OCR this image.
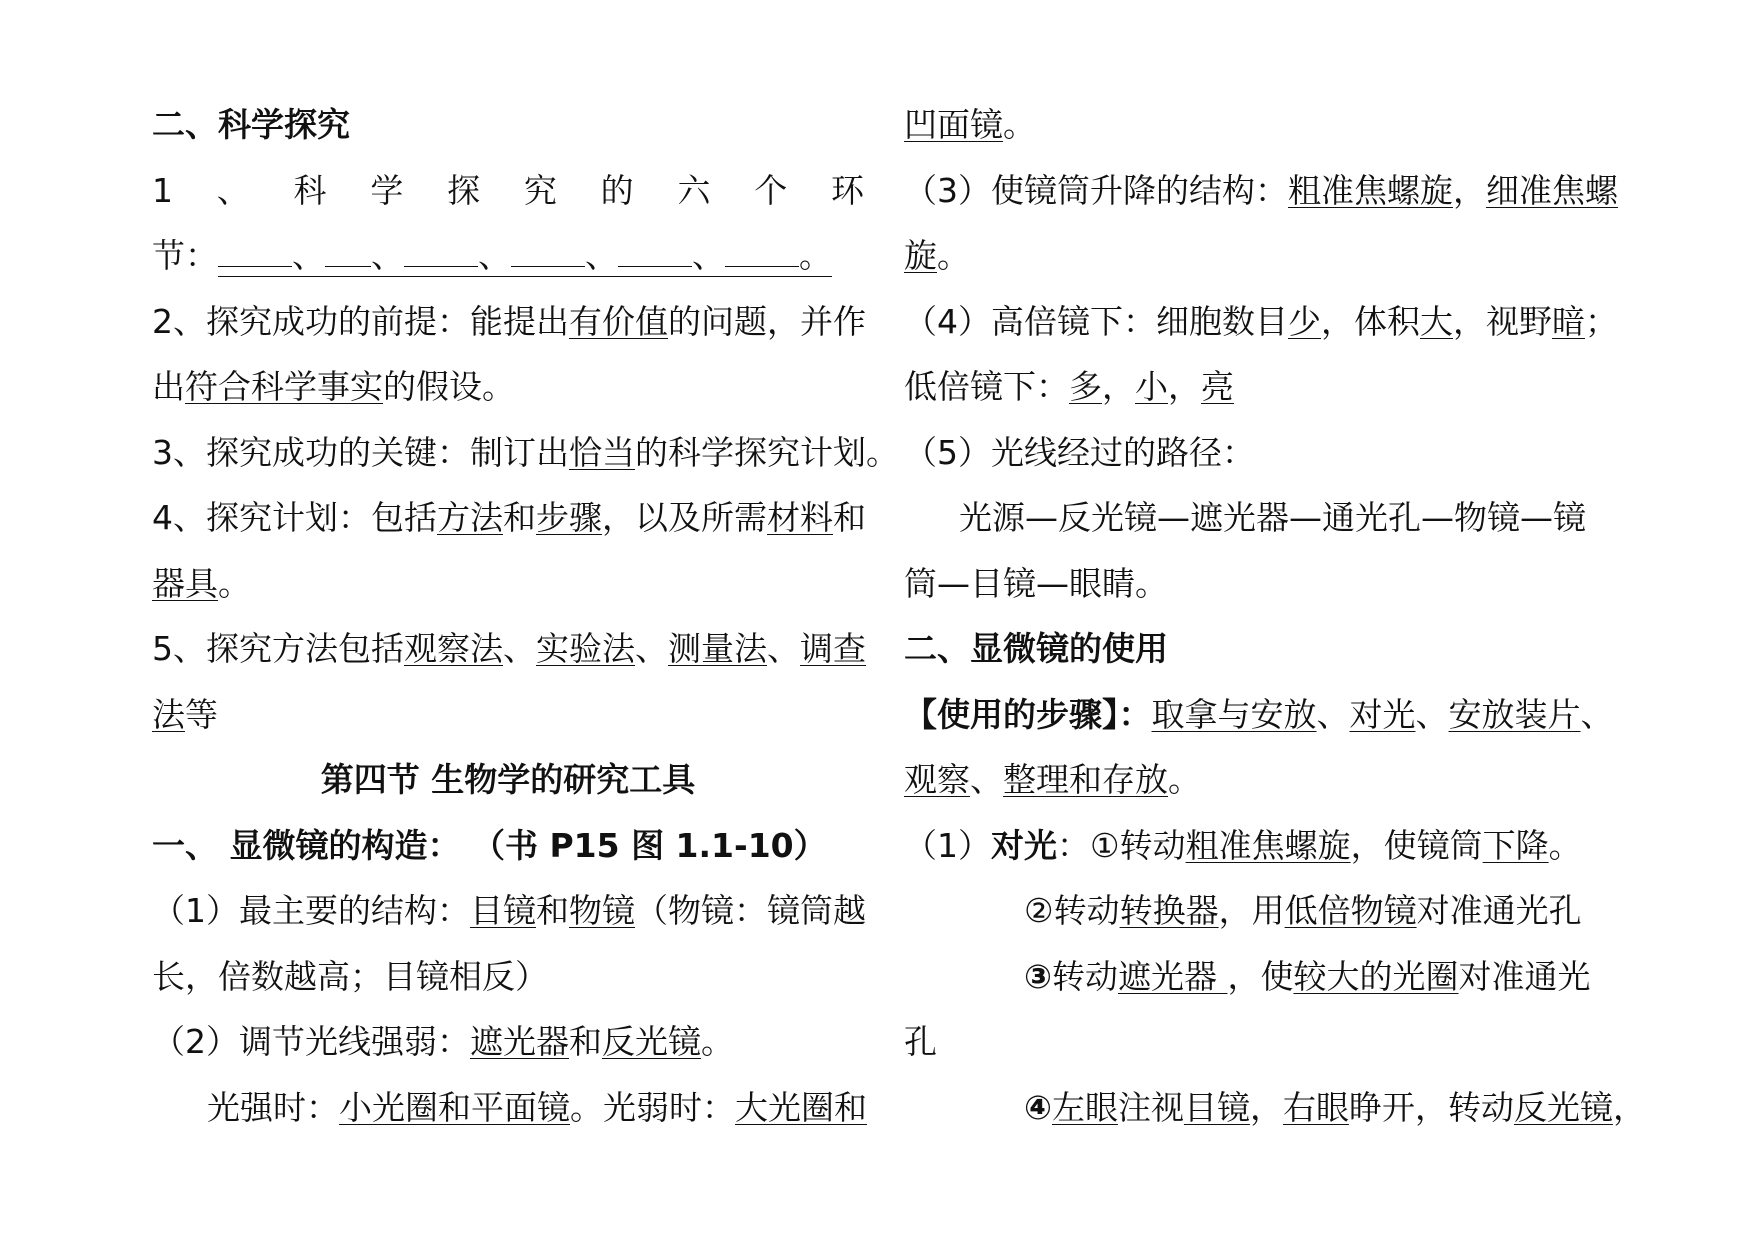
二、科学探究
1、科学探究的六个环
节： 、 、 、 、 、 。
2、探究成功的前提：能提出有价值的问题，并作
出符合科学事实的假设。
3、探究成功的关键：制订出恰当的科学探究计划。
4、探究计划：包括方法和步骤，以及所需材料和
器具。
5、探究方法包括观察法、实验法、测量法、调查
法等
第四节 生物学的研究工具
一、 显微镜的构造： （书 P15 图 1.1-10）
（1）最主要的结构：目镜和物镜（物镜：镜筒越
长，倍数越高；目镜相反）
（2）调节光线强弱：遮光器和反光镜。
光强时：小光圈和平面镜。光弱时：大光圈和
凹面镜。
（3）使镜筒升降的结构：粗准焦螺旋，细准焦螺
旋。
（4）高倍镜下：细胞数目少，体积大，视野暗；
低倍镜下：多，小，亮
（5）光线经过的路径：
光源—反光镜—遮光器—通光孔—物镜—镜
筒—目镜—眼睛。
二、显微镜的使用
【使用的步骤】：取拿与安放、对光、安放装片、
观察、整理和存放。
（1）对光：①转动粗准焦螺旋，使镜筒下降。
②转动转换器，用低倍物镜对准通光孔
③转动遮光器 ，使较大的光圈对准通光
孔
④左眼注视目镜，右眼睁开，转动反光镜，
